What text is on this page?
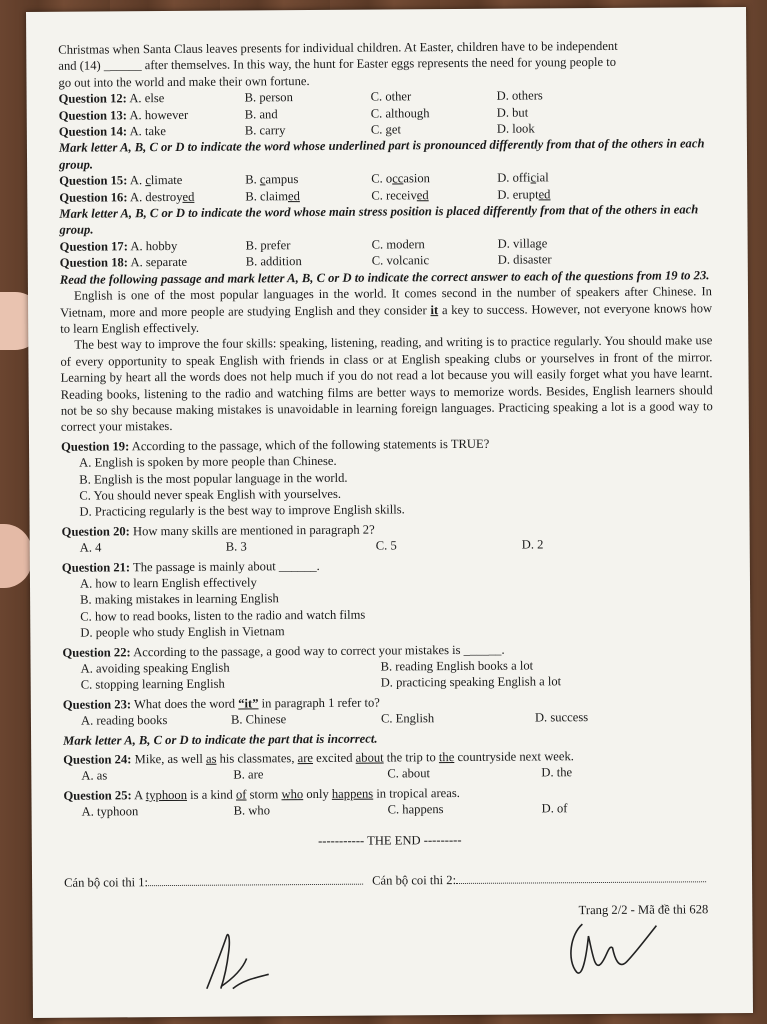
Christmas when Santa Claus leaves presents for individual children. At Easter, children have to be independent

and (14) ______ after themselves. In this way, the hunt for Easter eggs represents the need for young people to

go out into the world and make their own fortune.

Question 12: A. else	B. person	C. other	D. others
Question 13: A. however	B. and	C. although	D. but
Question 14: A. take	B. carry	C. get	D. look

Mark letter A, B, C or D to indicate the word whose underlined part is pronounced differently from that of the others in each group.

Question 15: A. climate	B. campus	C. occasion	D. official
Question 16: A. destroyed	B. claimed	C. received	D. erupted

Mark letter A, B, C or D to indicate the word whose main stress position is placed differently from that of the others in each group.

Question 17: A. hobby	B. prefer	C. modern	D. village
Question 18: A. separate	B. addition	C. volcanic	D. disaster

Read the following passage and mark letter A, B, C or D to indicate the correct answer to each of the questions from 19 to 23.

English is one of the most popular languages in the world. It comes second in the number of speakers after Chinese. In Vietnam, more and more people are studying English and they consider it a key to success. However, not everyone knows how to learn English effectively.

The best way to improve the four skills: speaking, listening, reading, and writing is to practice regularly. You should make use of every opportunity to speak English with friends in class or at English speaking clubs or yourselves in front of the mirror. Learning by heart all the words does not help much if you do not read a lot because you will easily forget what you have learnt. Reading books, listening to the radio and watching films are better ways to memorize words. Besides, English learners should not be so shy because making mistakes is unavoidable in learning foreign languages. Practicing speaking a lot is a good way to correct your mistakes.

Question 19: According to the passage, which of the following statements is TRUE?

A. English is spoken by more people than Chinese.

B. English is the most popular language in the world.

C. You should never speak English with yourselves.

D. Practicing regularly is the best way to improve English skills.

Question 20: How many skills are mentioned in paragraph 2?

A. 4	B. 3	C. 5	D. 2

Question 21: The passage is mainly about ______.

A. how to learn English effectively

B. making mistakes in learning English

C. how to read books, listen to the radio and watch films

D. people who study English in Vietnam

Question 22: According to the passage, a good way to correct your mistakes is ______.

A. avoiding speaking English	B. reading English books a lot
C. stopping learning English	D. practicing speaking English a lot

Question 23: What does the word “it” in paragraph 1 refer to?

A. reading books	B. Chinese	C. English	D. success

Mark letter A, B, C or D to indicate the part that is incorrect.

Question 24: Mike, as well as his classmates, are excited about the trip to the countryside next week.

A. as	B. are	C. about	D. the

Question 25: A typhoon is a kind of storm who only happens in tropical areas.

A. typhoon	B. who	C. happens	D. of

----------- THE END ---------

Cán bộ coi thi 1:	Cán bộ coi thi 2:

Trang 2/2 - Mã đề thi 628
